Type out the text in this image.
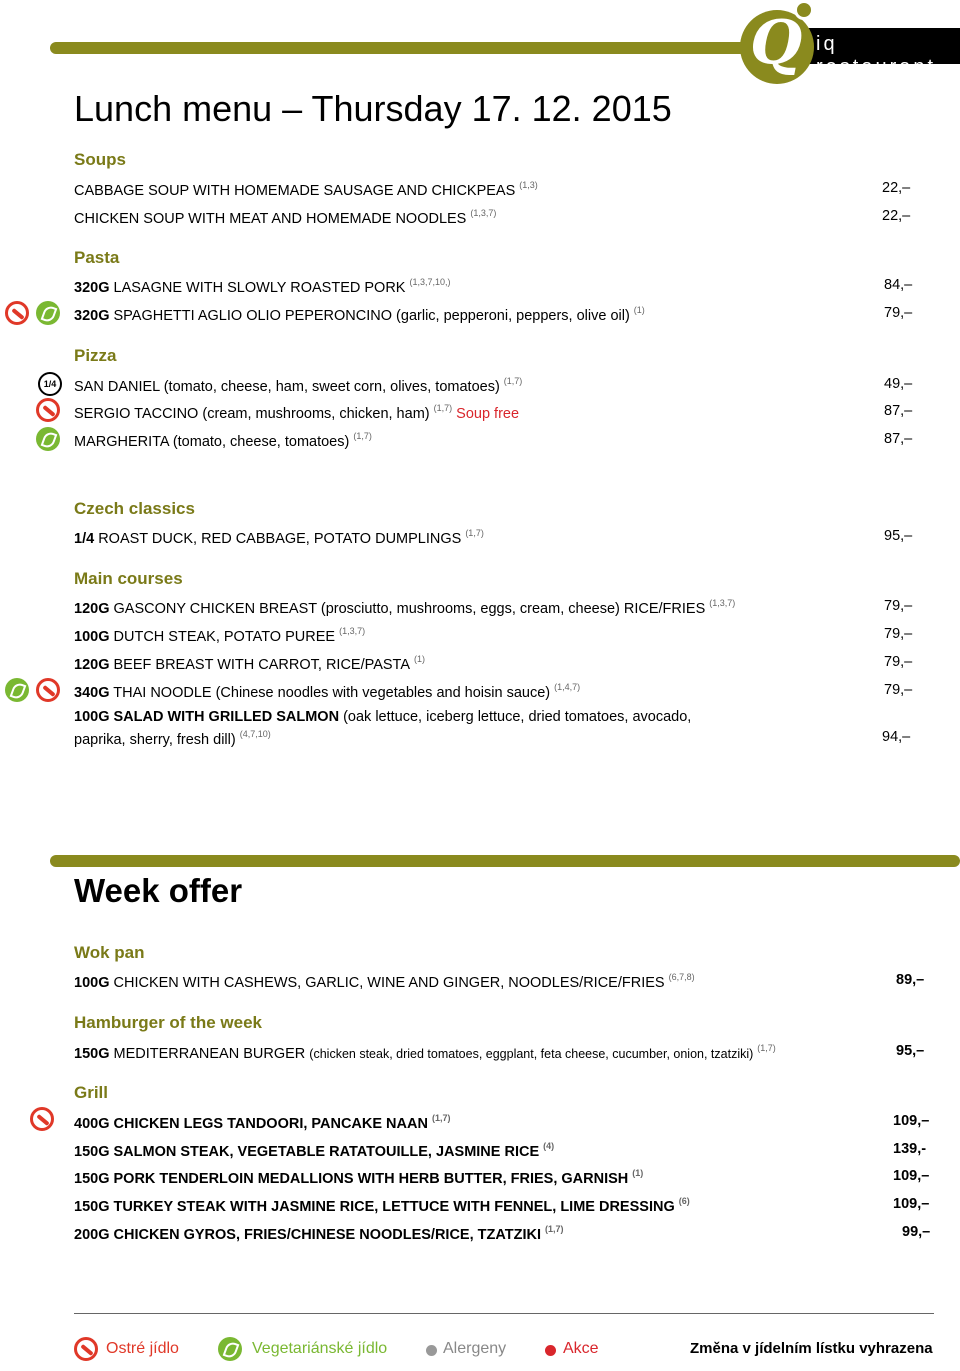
Q iq restaurant
Lunch menu – Thursday 17. 12. 2015
Soups
CABBAGE SOUP WITH HOMEMADE SAUSAGE AND CHICKPEAS $^{(1,3)}$	22,–
CHICKEN SOUP WITH MEAT AND HOMEMADE NOODLES $^{(1,3,7)}$	22,–
Pasta
320G LASAGNE WITH SLOWLY ROASTED PORK $^{(1,3,7,10,)}$	84,–
320G SPAGHETTI AGLIO OLIO PEPERONCINO (garlic, pepperoni, peppers, olive oil) $^{(1)}$	79,–
Pizza
1/4	SAN DANIEL (tomato, cheese, ham, sweet corn, olives, tomatoes) $^{(1,7)}$	49,–
SERGIO TACCINO (cream, mushrooms, chicken, ham) $^{(1,7)}$ Soup free	87,–
MARGHERITA (tomato, cheese, tomatoes) $^{(1,7)}$	87,–
Czech classics
1/4 ROAST DUCK, RED CABBAGE, POTATO DUMPLINGS $^{(1,7)}$	95,–
Main courses
120G GASCONY CHICKEN BREAST (prosciutto, mushrooms, eggs, cream, cheese) RICE/FRIES $^{(1,3,7)}$	79,–
100G DUTCH STEAK, POTATO PUREE $^{(1,3,7)}$	79,–
120G BEEF BREAST WITH CARROT, RICE/PASTA $^{(1)}$	79,–
340G THAI NOODLE (Chinese noodles with vegetables and hoisin sauce) $^{(1,4,7)}$	79,–
100G SALAD WITH GRILLED SALMON (oak lettuce, iceberg lettuce, dried tomatoes, avocado,
paprika, sherry, fresh dill) $^{(4,7,10)}$	94,–
Week offer
Wok pan
100G CHICKEN WITH CASHEWS, GARLIC, WINE AND GINGER, NOODLES/RICE/FRIES $^{(6,7,8)}$	89,–
Hamburger of the week
150G MEDITERRANEAN BURGER (chicken steak, dried tomatoes, eggplant, feta cheese, cucumber, onion, tzatziki) $^{(1,7)}$	95,–
Grill
400G CHICKEN LEGS TANDOORI, PANCAKE NAAN $^{(1,7)}$	109,–
150G SALMON STEAK, VEGETABLE RATATOUILLE, JASMINE RICE $^{(4)}$	139,-
150G PORK TENDERLOIN MEDALLIONS WITH HERB BUTTER, FRIES, GARNISH $^{(1)}$	109,–
150G TURKEY STEAK WITH JASMINE RICE, LETTUCE WITH FENNEL, LIME DRESSING $^{(6)}$	109,–
200G CHICKEN GYROS, FRIES/CHINESE NOODLES/RICE, TZATZIKI $^{(1,7)}$	99,–
Ostré jídlo	Vegetariánské jídlo	Alergeny	Akce	Změna v jídelním lístku vyhrazena
